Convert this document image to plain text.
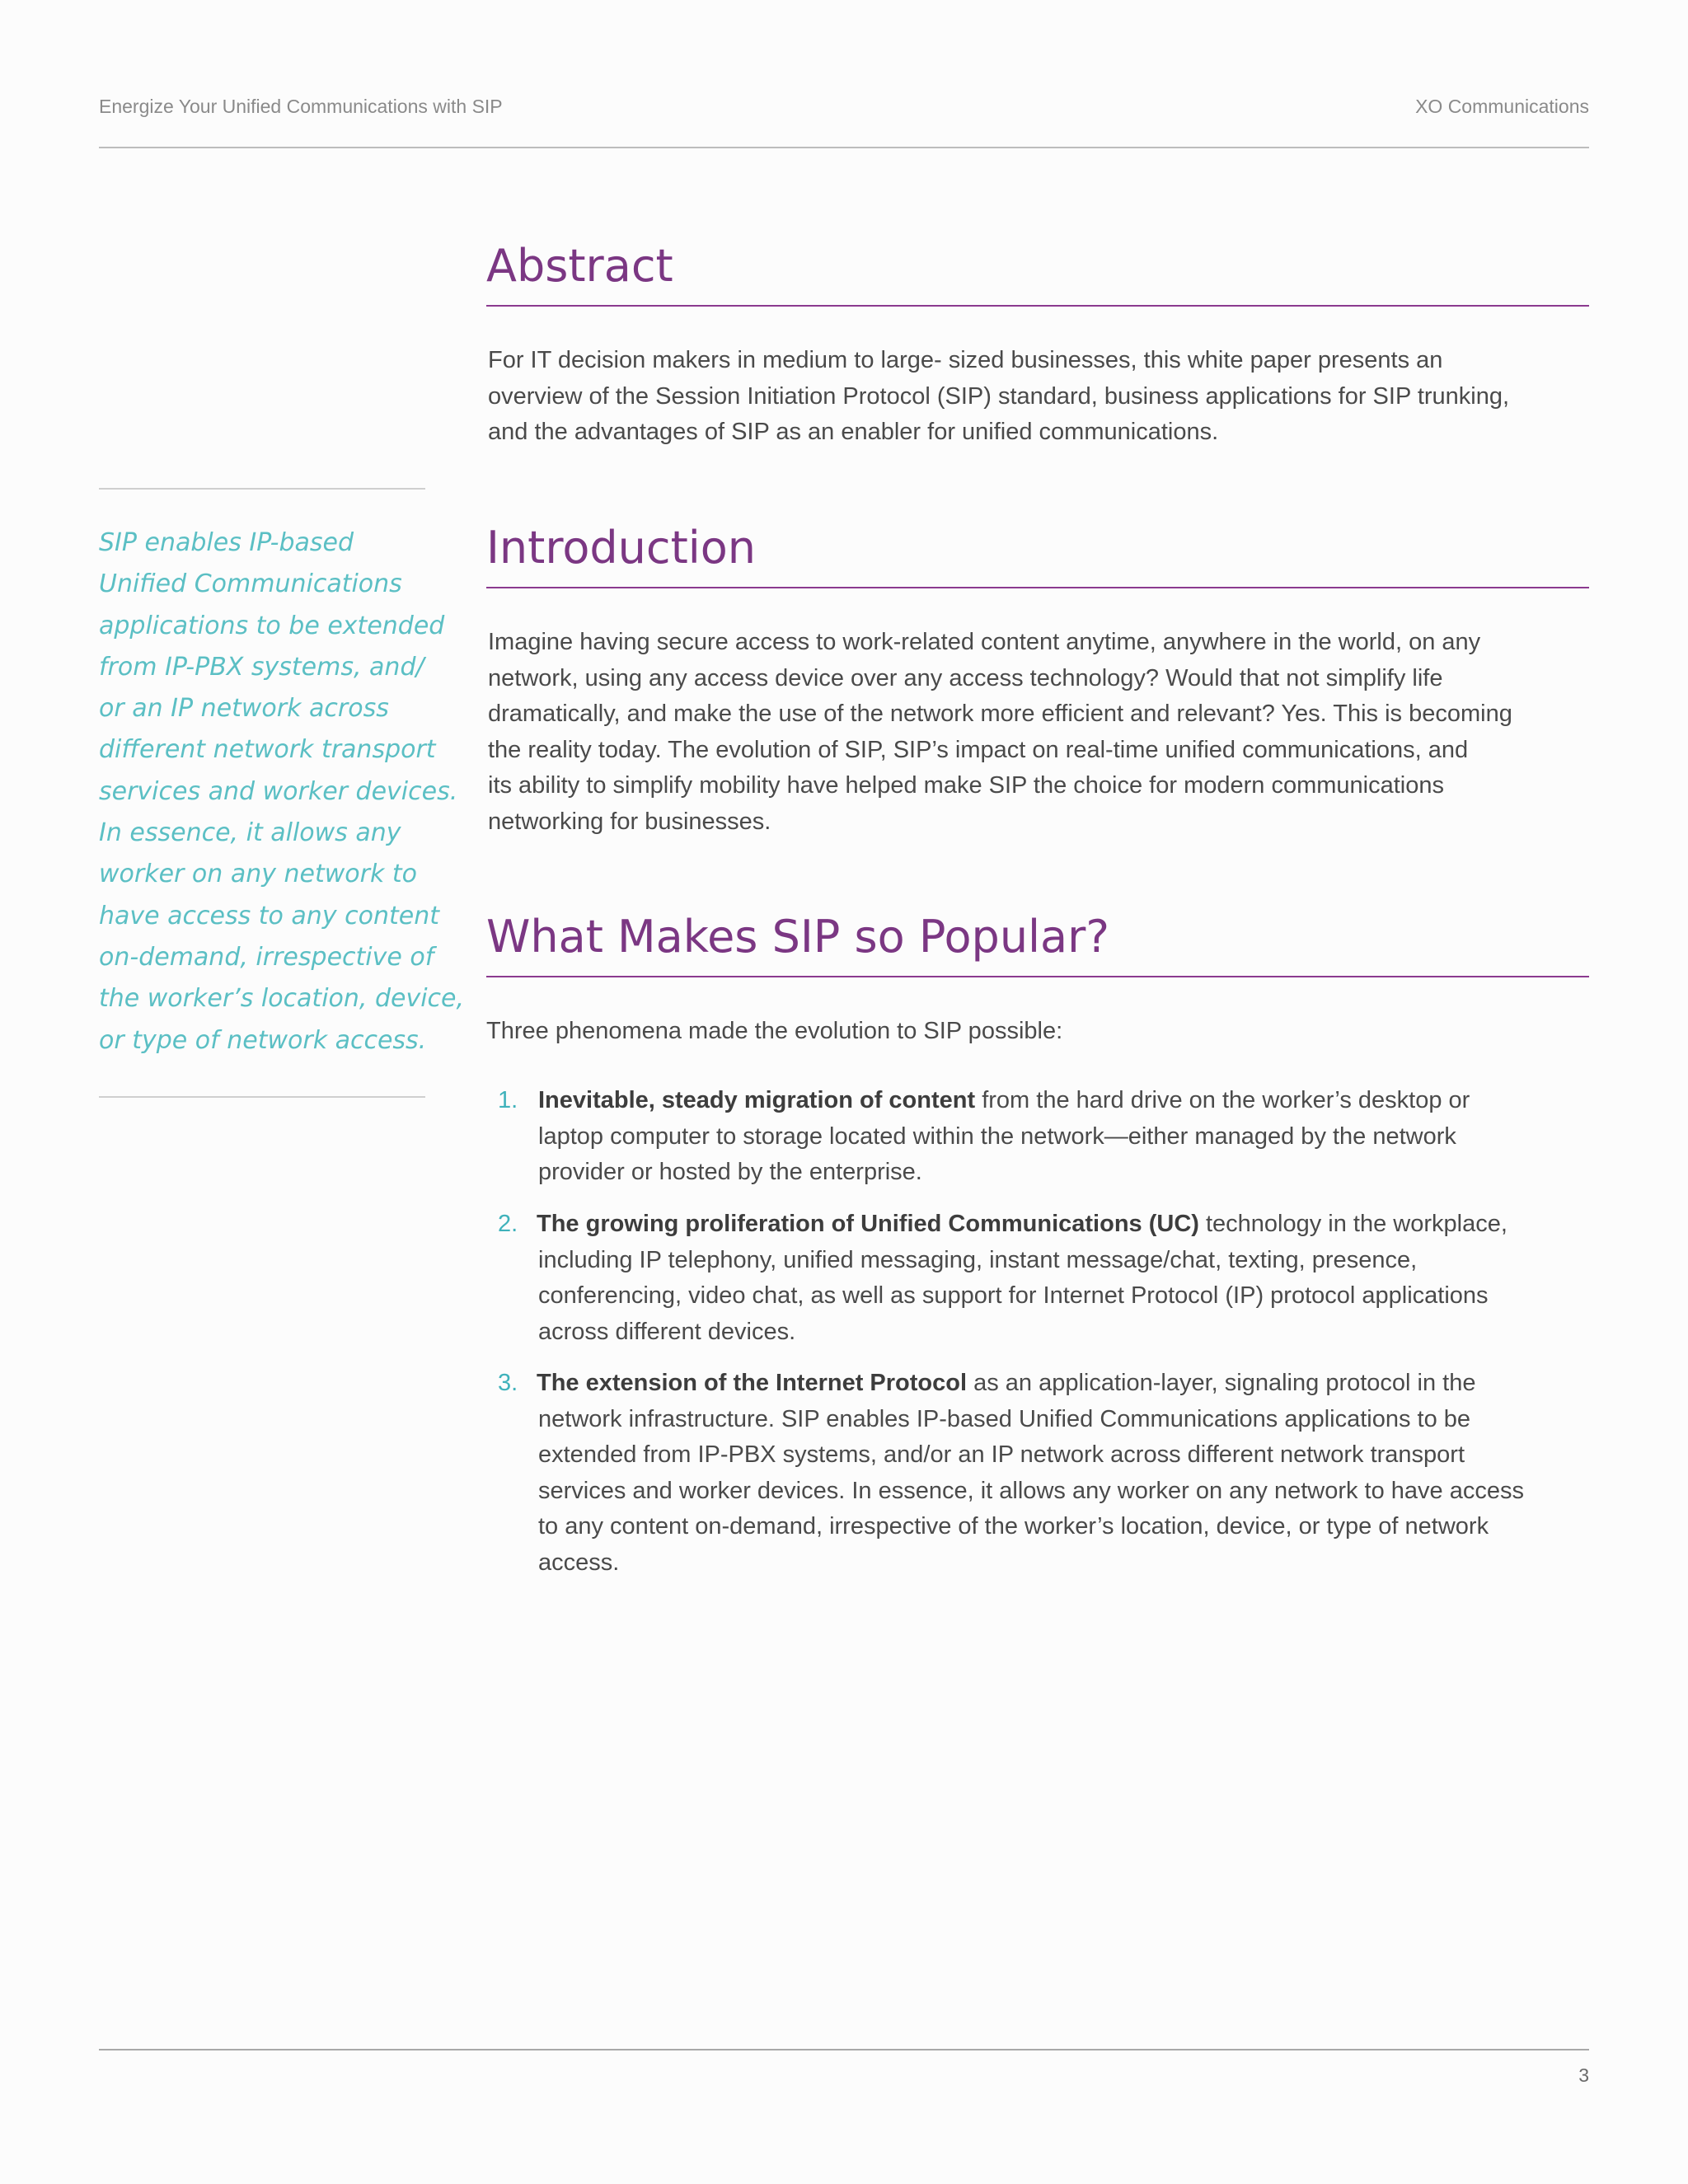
Energize Your Unified Communications with SIP	XO Communications

SIP enables IP-based
Unified Communications
applications to be extended
from IP-PBX systems, and/
or an IP network across
different network transport
services and worker devices.
In essence, it allows any
worker on any network to
have access to any content
on-demand, irrespective of
the worker’s location, device,
or type of network access.

Abstract

For IT decision makers in medium to large- sized businesses, this white paper presents an
overview of the Session Initiation Protocol (SIP) standard, business applications for SIP trunking,
and the advantages of SIP as an enabler for unified communications.

Introduction

Imagine having secure access to work-related content anytime, anywhere in the world, on any
network, using any access device over any access technology? Would that not simplify life
dramatically, and make the use of the network more efficient and relevant? Yes. This is becoming
the reality today. The evolution of SIP, SIP’s impact on real-time unified communications, and
its ability to simplify mobility have helped make SIP the choice for modern communications
networking for businesses.

What Makes SIP so Popular?

Three phenomena made the evolution to SIP possible:

1. Inevitable, steady migration of content from the hard drive on the worker’s desktop or
laptop computer to storage located within the network—either managed by the network
provider or hosted by the enterprise.
2. The growing proliferation of Unified Communications (UC) technology in the workplace,
including IP telephony, unified messaging, instant message/chat, texting, presence,
conferencing, video chat, as well as support for Internet Protocol (IP) protocol applications
across different devices.
3. The extension of the Internet Protocol as an application-layer, signaling protocol in the
network infrastructure. SIP enables IP-based Unified Communications applications to be
extended from IP-PBX systems, and/or an IP network across different network transport
services and worker devices. In essence, it allows any worker on any network to have access
to any content on-demand, irrespective of the worker’s location, device, or type of network
access.
3
